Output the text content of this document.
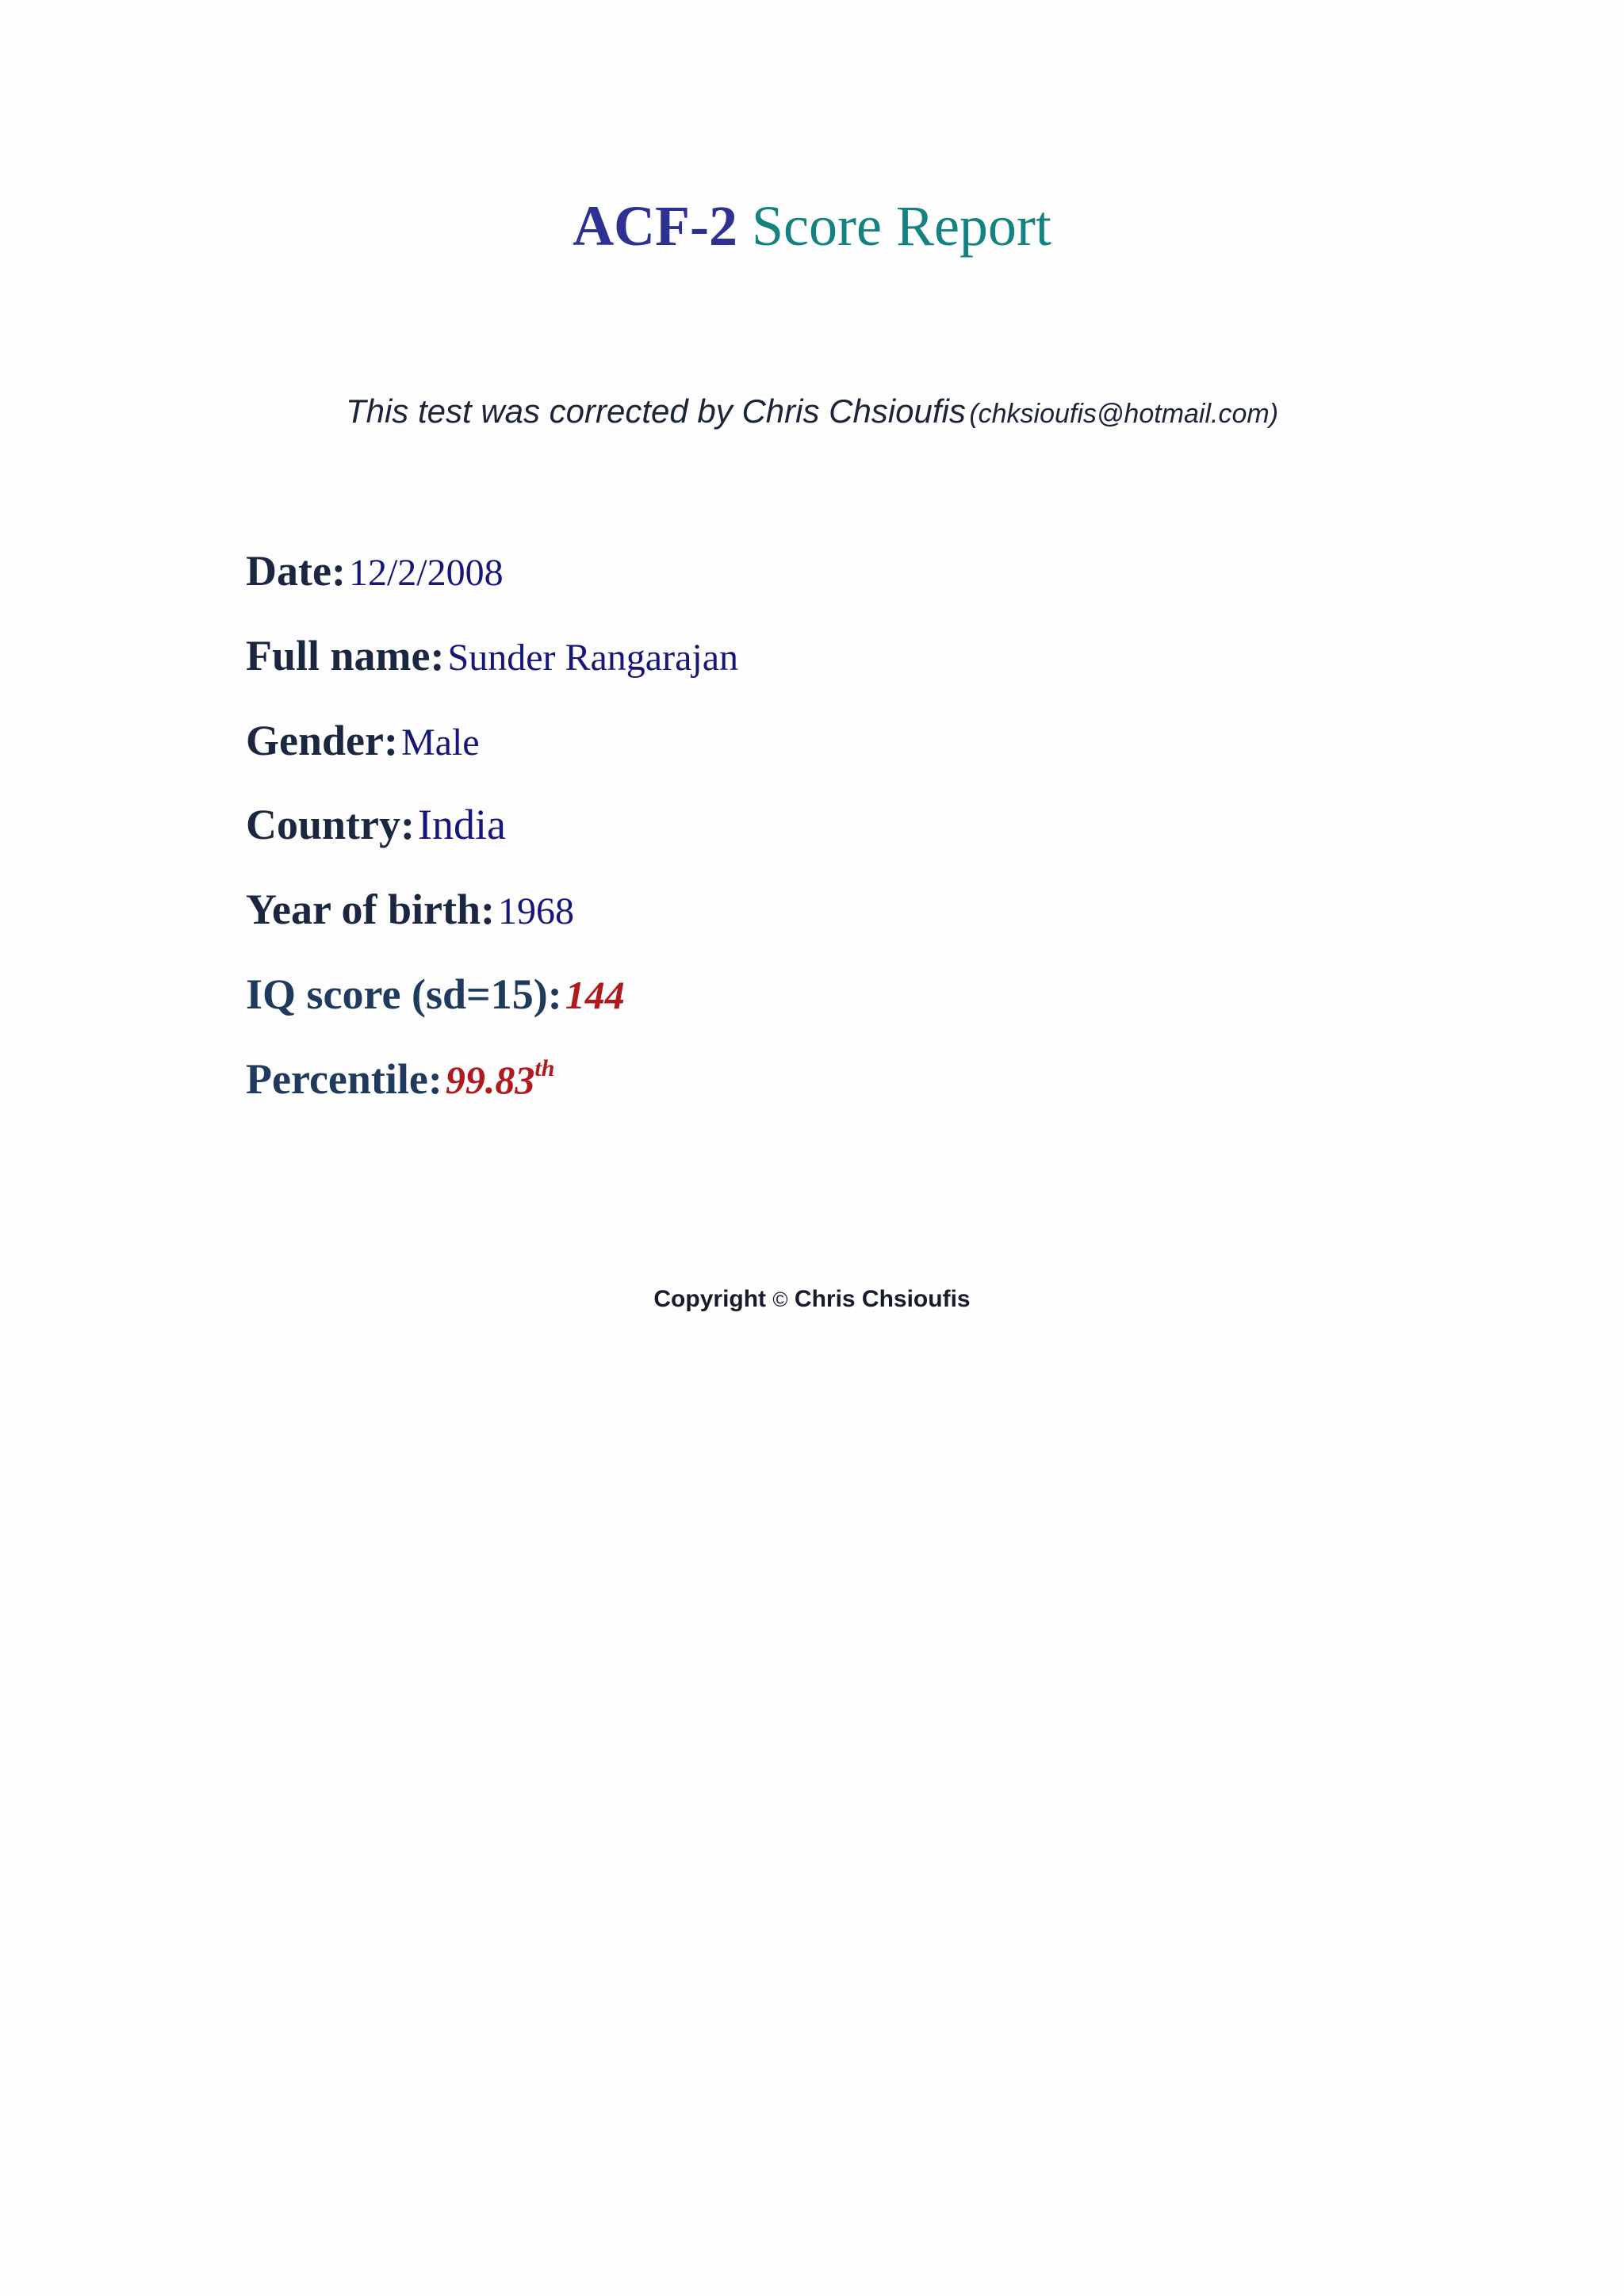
ACF-2 Score Report
This test was corrected by Chris Chsioufis (chksioufis@hotmail.com)
Date: 12/2/2008
Full name: Sunder Rangarajan
Gender: Male
Country: India
Year of birth: 1968
IQ score (sd=15): 144
Percentile: 99.83th
Copyright © Chris Chsioufis
